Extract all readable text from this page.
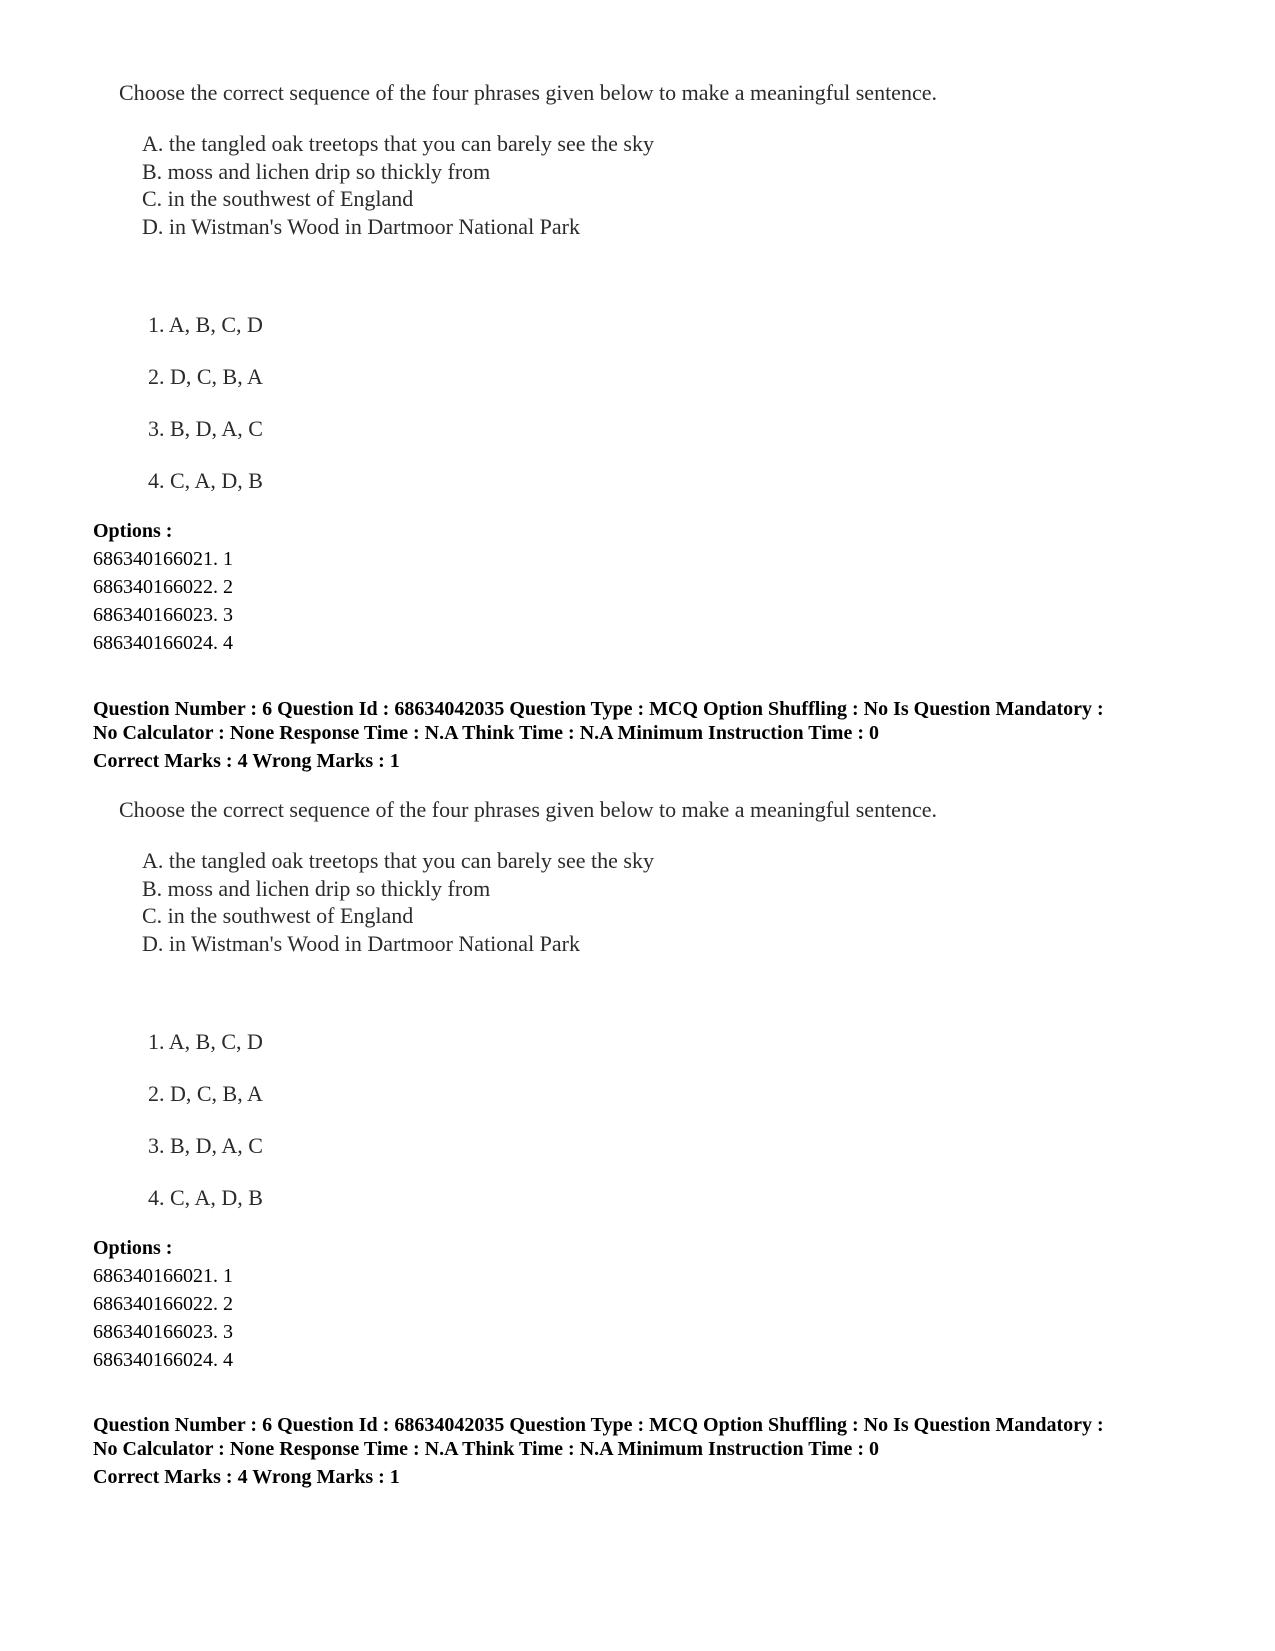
Choose the correct sequence of the four phrases given below to make a meaningful sentence.
A. the tangled oak treetops that you can barely see the sky
B. moss and lichen drip so thickly from
C. in the southwest of England
D. in Wistman's Wood in Dartmoor National Park
1. A, B, C, D
2. D, C, B, A
3. B, D, A, C
4. C, A, D, B
Options :
686340166021. 1
686340166022. 2
686340166023. 3
686340166024. 4
Question Number : 6 Question Id : 68634042035 Question Type : MCQ Option Shuffling : No Is Question Mandatory :
No Calculator : None Response Time : N.A Think Time : N.A Minimum Instruction Time : 0
Correct Marks : 4 Wrong Marks : 1
Choose the correct sequence of the four phrases given below to make a meaningful sentence.
A. the tangled oak treetops that you can barely see the sky
B. moss and lichen drip so thickly from
C. in the southwest of England
D. in Wistman's Wood in Dartmoor National Park
1. A, B, C, D
2. D, C, B, A
3. B, D, A, C
4. C, A, D, B
Options :
686340166021. 1
686340166022. 2
686340166023. 3
686340166024. 4
Question Number : 6 Question Id : 68634042035 Question Type : MCQ Option Shuffling : No Is Question Mandatory :
No Calculator : None Response Time : N.A Think Time : N.A Minimum Instruction Time : 0
Correct Marks : 4 Wrong Marks : 1
